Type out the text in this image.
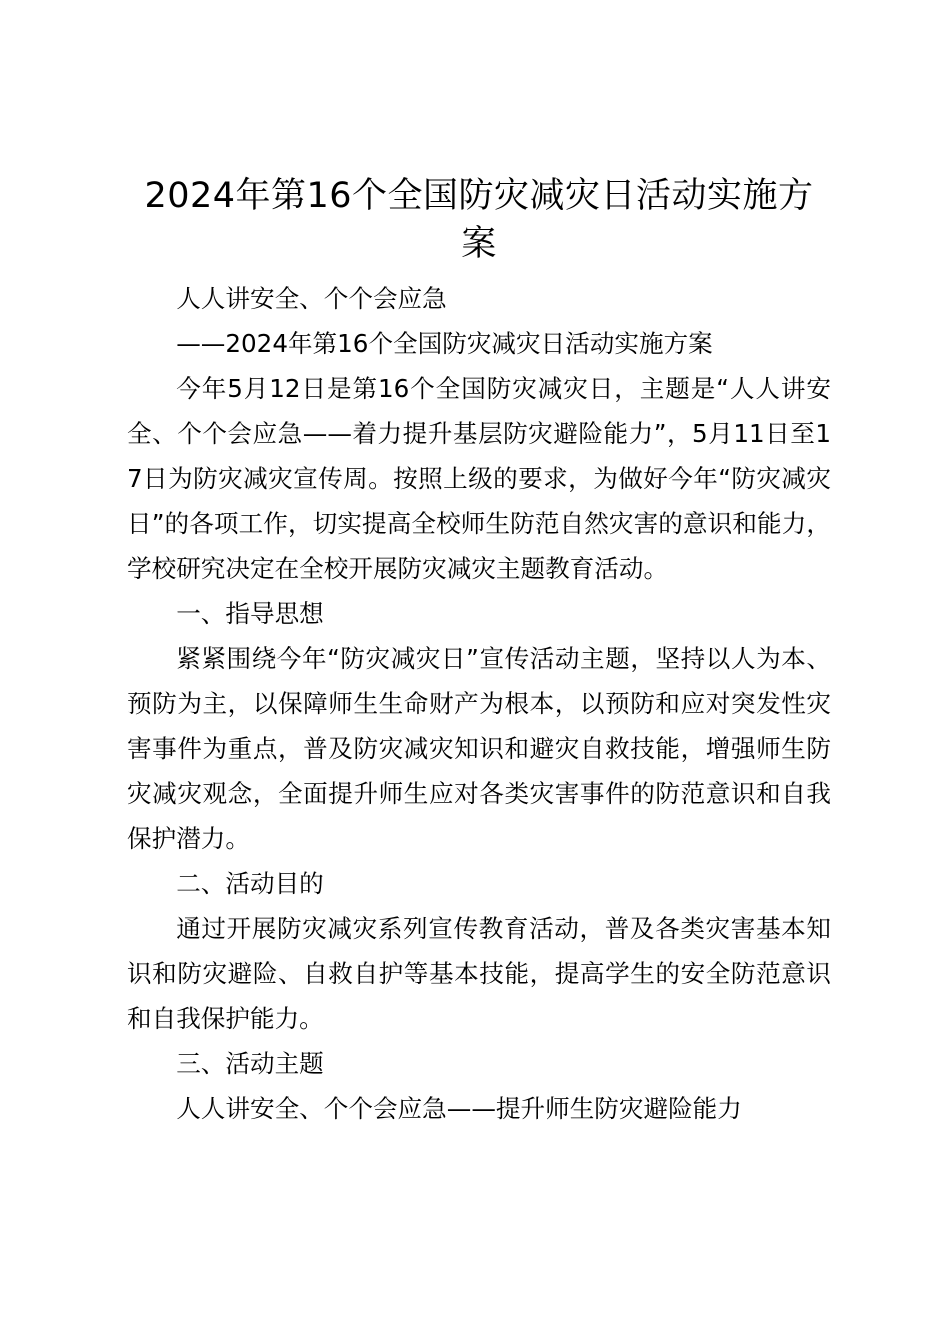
2024年第16个全国防灾减灾日活动实施方案

人人讲安全、个个会应急

——2024年第16个全国防灾减灾日活动实施方案

今年5月12日是第16个全国防灾减灾日，主题是“人人讲安全、个个会应急——着力提升基层防灾避险能力”，5月11日至17日为防灾减灾宣传周。按照上级的要求，为做好今年“防灾减灾日”的各项工作，切实提高全校师生防范自然灾害的意识和能力，学校研究决定在全校开展防灾减灾主题教育活动。

一、指导思想

紧紧围绕今年“防灾减灾日”宣传活动主题，坚持以人为本、预防为主，以保障师生生命财产为根本，以预防和应对突发性灾害事件为重点，普及防灾减灾知识和避灾自救技能，增强师生防灾减灾观念，全面提升师生应对各类灾害事件的防范意识和自我保护潜力。

二、活动目的

通过开展防灾减灾系列宣传教育活动，普及各类灾害基本知识和防灾避险、自救自护等基本技能，提高学生的安全防范意识和自我保护能力。

三、活动主题

人人讲安全、个个会应急——提升师生防灾避险能力
